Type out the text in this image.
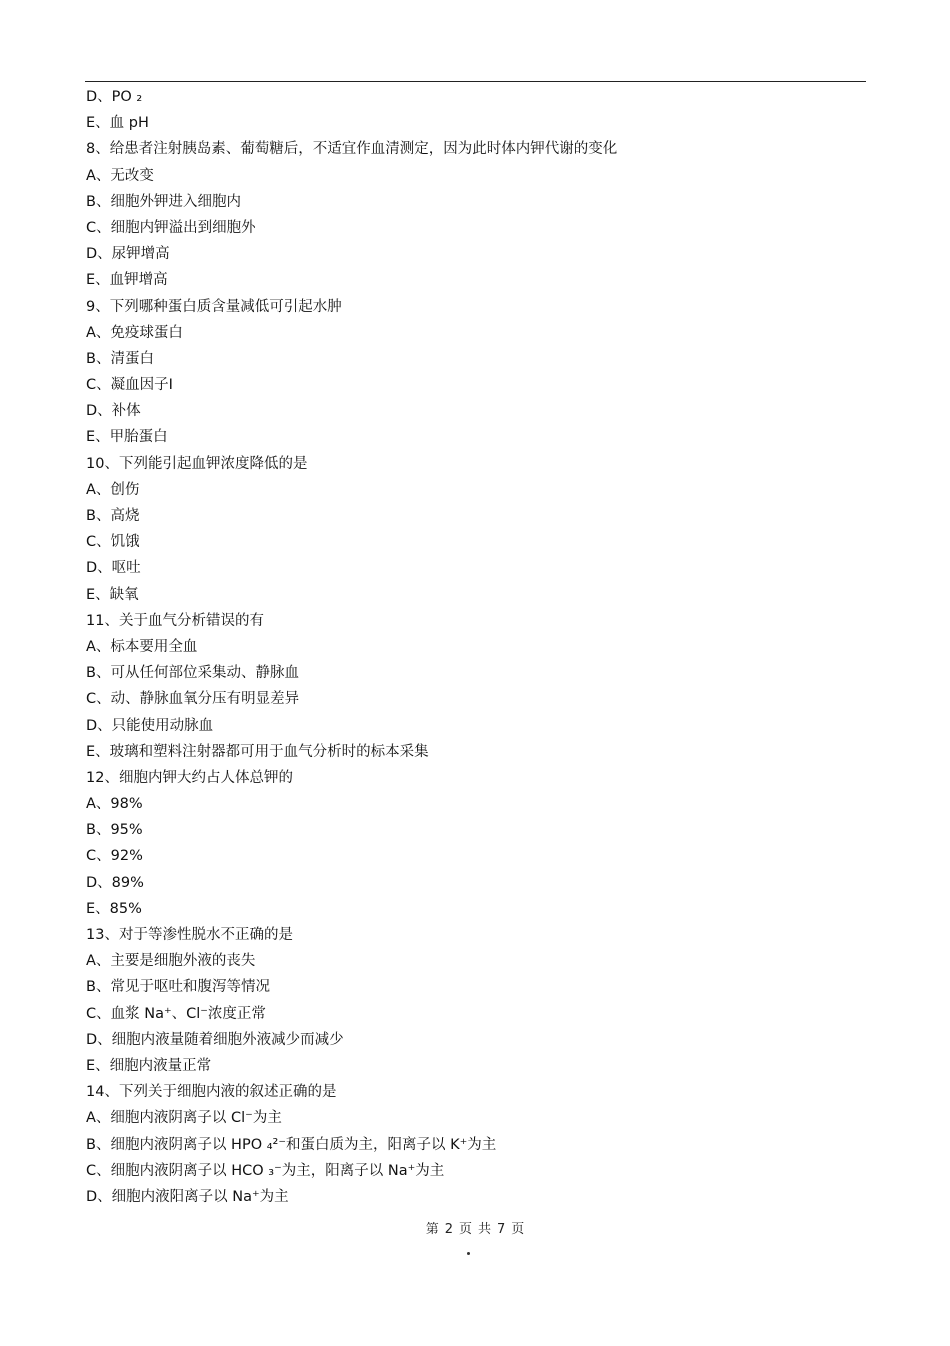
D、PO ₂
E、血 pH
8、给患者注射胰岛素、葡萄糖后，不适宜作血清测定，因为此时体内钾代谢的变化
A、无改变
B、细胞外钾进入细胞内
C、细胞内钾溢出到细胞外
D、尿钾增高
E、血钾增高
9、下列哪种蛋白质含量减低可引起水肿
A、免疫球蛋白
B、清蛋白
C、凝血因子Ⅰ
D、补体
E、甲胎蛋白
10、下列能引起血钾浓度降低的是
A、创伤
B、高烧
C、饥饿
D、呕吐
E、缺氧
11、关于血气分析错误的有
A、标本要用全血
B、可从任何部位采集动、静脉血
C、动、静脉血氧分压有明显差异
D、只能使用动脉血
E、玻璃和塑料注射器都可用于血气分析时的标本采集
12、细胞内钾大约占人体总钾的
A、98%
B、95%
C、92%
D、89%
E、85%
13、对于等渗性脱水不正确的是
A、主要是细胞外液的丧失
B、常见于呕吐和腹泻等情况
C、血浆 Na⁺、Cl⁻浓度正常
D、细胞内液量随着细胞外液减少而减少
E、细胞内液量正常
14、下列关于细胞内液的叙述正确的是
A、细胞内液阴离子以 Cl⁻为主
B、细胞内液阴离子以 HPO ₄²⁻和蛋白质为主，阳离子以 K⁺为主
C、细胞内液阴离子以 HCO ₃⁻为主，阳离子以 Na⁺为主
D、细胞内液阳离子以 Na⁺为主
第 2 页 共 7 页
